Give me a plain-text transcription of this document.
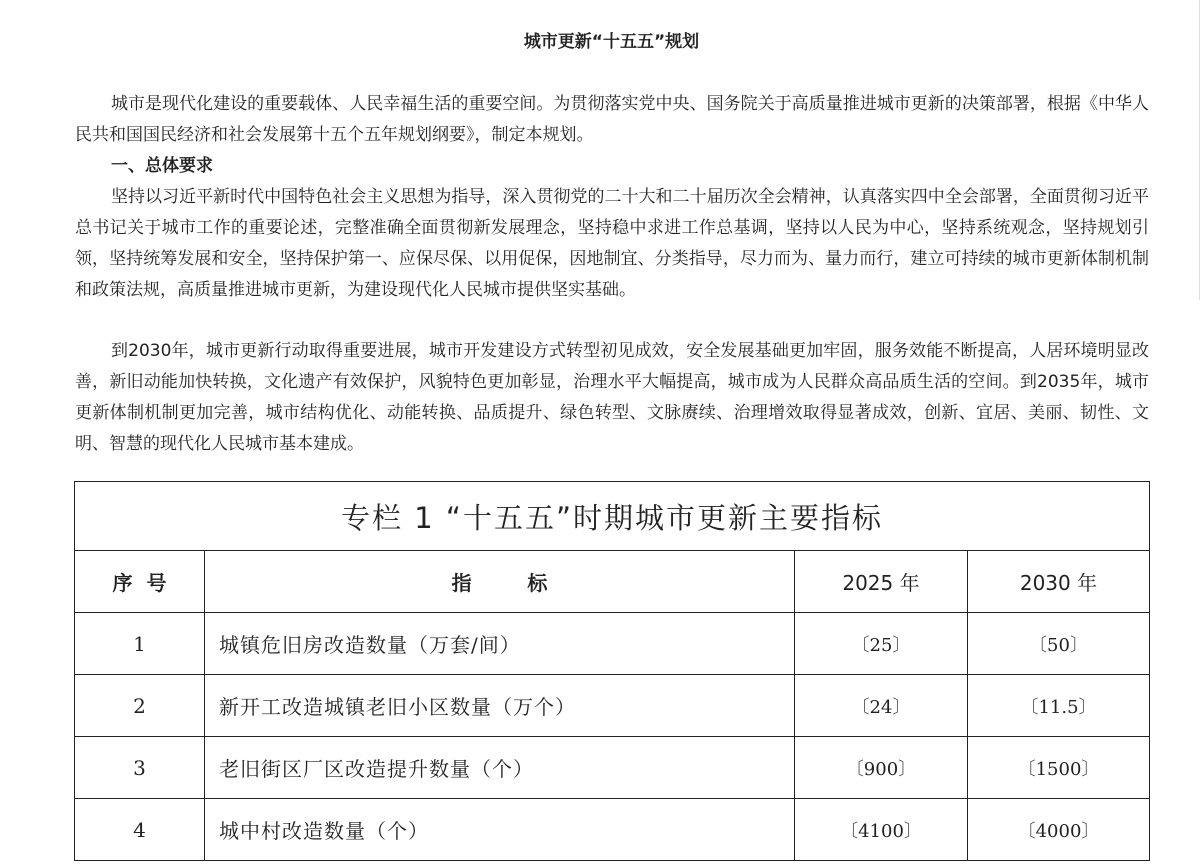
城市更新“十五五”规划

城市是现代化建设的重要载体、人民幸福生活的重要空间。为贯彻落实党中央、国务院关于高质量推进城市更新的决策部署，根据《中华人民共和国国民经济和社会发展第十五个五年规划纲要》，制定本规划。

一、总体要求

坚持以习近平新时代中国特色社会主义思想为指导，深入贯彻党的二十大和二十届历次全会精神，认真落实四中全会部署，全面贯彻习近平总书记关于城市工作的重要论述，完整准确全面贯彻新发展理念，坚持稳中求进工作总基调，坚持以人民为中心，坚持系统观念，坚持规划引领，坚持统筹发展和安全，坚持保护第一、应保尽保、以用促保，因地制宜、分类指导，尽力而为、量力而行，建立可持续的城市更新体制机制和政策法规，高质量推进城市更新，为建设现代化人民城市提供坚实基础。

到2030年，城市更新行动取得重要进展，城市开发建设方式转型初见成效，安全发展基础更加牢固，服务效能不断提高，人居环境明显改善，新旧动能加快转换，文化遗产有效保护，风貌特色更加彰显，治理水平大幅提高，城市成为人民群众高品质生活的空间。到2035年，城市更新体制机制更加完善，城市结构优化、动能转换、品质提升、绿色转型、文脉赓续、治理增效取得显著成效，创新、宜居、美丽、韧性、文明、智慧的现代化人民城市基本建成。

专栏 1 “十五五”时期城市更新主要指标			
序  号	指        标	2025 年	2030 年
1	城镇危旧房改造数量（万套/间）	〔25〕	〔50〕
2	新开工改造城镇老旧小区数量（万个）	〔24〕	〔11.5〕
3	老旧街区厂区改造提升数量（个）	〔900〕	〔1500〕
4	城中村改造数量（个）	〔4100〕	〔4000〕
